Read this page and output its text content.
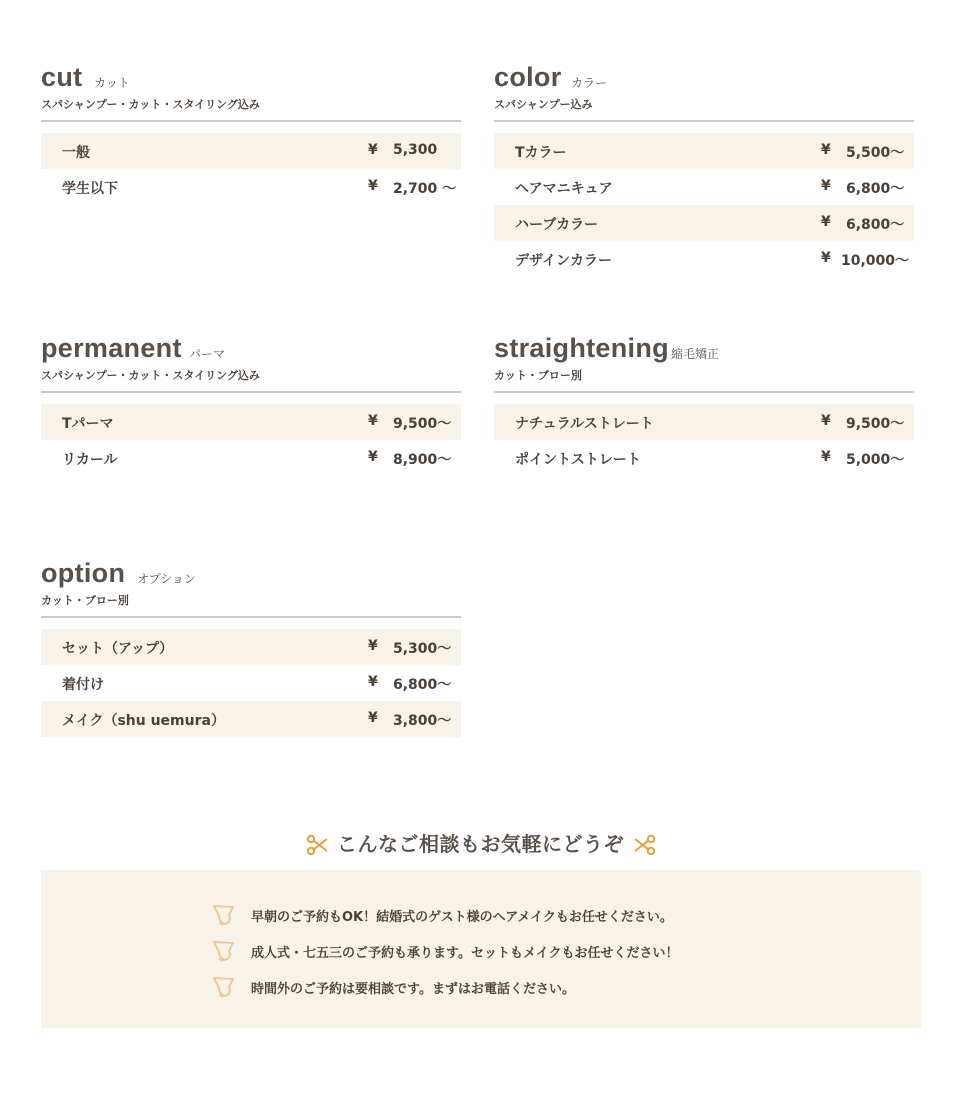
cut カット
スパシャンプー・カット・スタイリング込み
一般	¥ 5,300
学生以下	¥ 2,700 〜
color カラー
スパシャンプー込み
Tカラー	¥ 5,500〜
ヘアマニキュア	¥ 6,800〜
ハーブカラー	¥ 6,800〜
デザインカラー	¥ 10,000〜
permanent パーマ
スパシャンプー・カット・スタイリング込み
Tパーマ	¥ 9,500〜
リカール	¥ 8,900〜
straightening 縮毛矯正
カット・ブロー別
ナチュラルストレート	¥ 9,500〜
ポイントストレート	¥ 5,000〜
option オプション
カット・ブロー別
セット（アップ）	¥ 5,300〜
着付け	¥ 6,800〜
メイク（shu uemura）	¥ 3,800〜
こんなご相談もお気軽にどうぞ
早朝のご予約もOK！結婚式のゲスト様のヘアメイクもお任せください。
成人式・七五三のご予約も承ります。セットもメイクもお任せください！
時間外のご予約は要相談です。まずはお電話ください。
